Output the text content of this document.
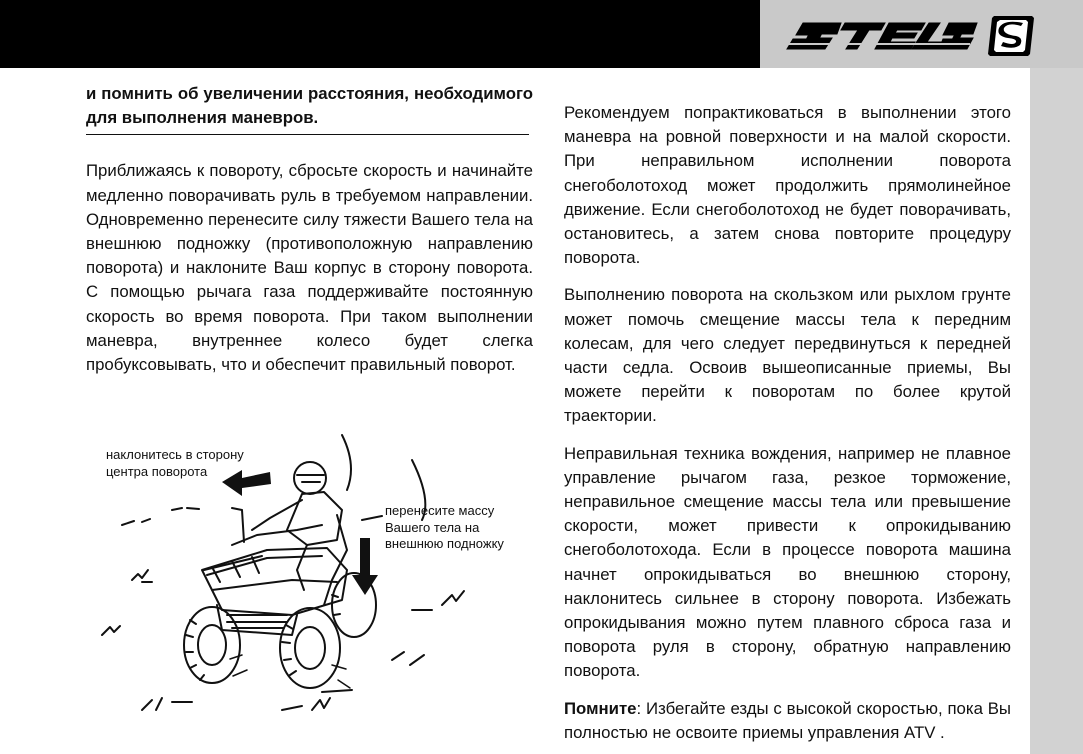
и помнить об увеличении расстояния, необходимого для выполнения маневров.

Приближаясь к повороту, сбросьте скорость и начинайте медленно поворачивать руль в требуемом направлении. Одновременно перенесите силу тяжести Вашего тела на внешнюю подножку (противоположную направлению поворота) и наклоните Ваш корпус в сторону поворота. С помощью рычага газа поддерживайте постоянную скорость во время поворота. При таком выполнении маневра, внутреннее колесо будет слегка пробуксовывать, что и обеспечит правильный поворот.

наклонитесь в сторону центра поворота
перенесите массу Вашего тела на внешнюю подножку

Рекомендуем попрактиковаться в выполнении этого маневра на ровной поверхности и на малой скорости. При неправильном исполнении поворота снегоболотоход может продолжить прямолинейное движение. Если снегоболотоход не будет поворачивать, остановитесь, а затем снова повторите процедуру поворота.

Выполнению поворота на скользком или рыхлом грунте может помочь смещение массы тела к передним колесам, для чего следует передвинуться к передней части седла. Освоив вышеописанные приемы, Вы можете перейти к поворотам по более крутой траектории.

Неправильная техника вождения, например не плавное управление рычагом газа, резкое торможение, неправильное смещение массы тела или превышение скорости, может привести к опрокидыванию снегоболотохода. Если в процессе поворота машина начнет опрокидываться во внешнюю сторону, наклонитесь сильнее в сторону поворота. Избежать опрокидывания можно путем плавного сброса газа и поворота руля в сторону, обратную направлению поворота.

Помните: Избегайте езды с высокой скоростью, пока Вы полностью не освоите приемы управления ATV .
